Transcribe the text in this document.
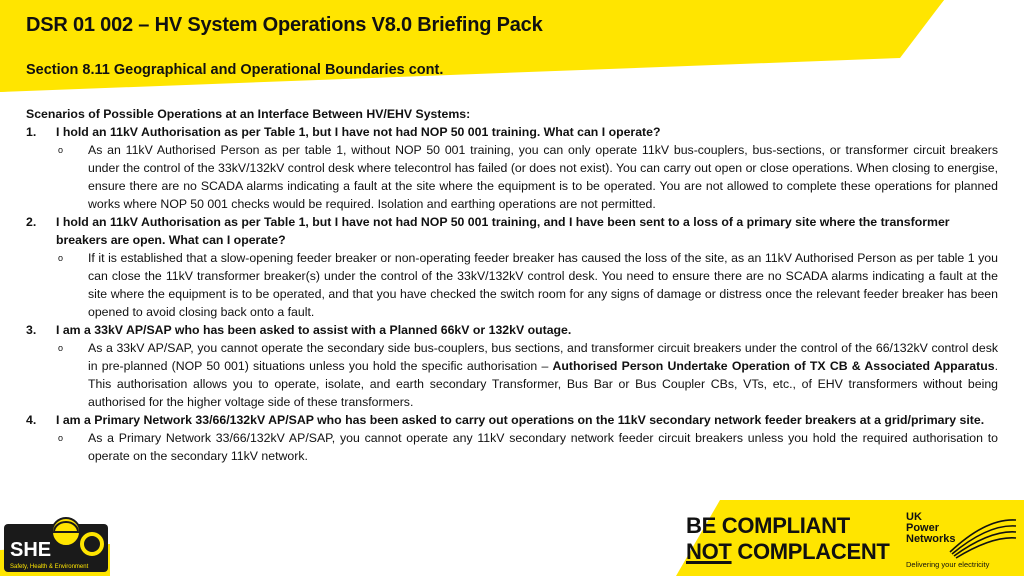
DSR 01 002 – HV System Operations V8.0 Briefing Pack
Section 8.11 Geographical and Operational Boundaries cont.

Scenarios of Possible Operations at an Interface Between HV/EHV Systems:

1.	I hold an 11kV Authorisation as per Table 1, but I have not had NOP 50 001 training. What can I operate?
o	As an 11kV Authorised Person as per table 1, without NOP 50 001 training, you can only operate 11kV bus-couplers, bus-sections, or transformer circuit breakers under the control of the 33kV/132kV control desk where telecontrol has failed (or does not exist). You can carry out open or close operations. When closing to energise, ensure there are no SCADA alarms indicating a fault at the site where the equipment is to be operated. You are not allowed to complete these operations for planned works where NOP 50 001 checks would be required. Isolation and earthing operations are not permitted.
2.	I hold an 11kV Authorisation as per Table 1, but I have not had NOP 50 001 training, and I have been sent to a loss of a primary site where the transformer breakers are open. What can I operate?
o	If it is established that a slow-opening feeder breaker or non-operating feeder breaker has caused the loss of the site, as an 11kV Authorised Person as per table 1 you can close the 11kV transformer breaker(s) under the control of the 33kV/132kV control desk. You need to ensure there are no SCADA alarms indicating a fault at the site where the equipment is to be operated, and that you have checked the switch room for any signs of damage or distress once the relevant feeder breaker has been opened to avoid closing back onto a fault.
3.	I am a 33kV AP/SAP who has been asked to assist with a Planned 66kV or 132kV outage.
o	As a 33kV AP/SAP, you cannot operate the secondary side bus-couplers, bus sections, and transformer circuit breakers under the control of the 66/132kV control desk in pre-planned (NOP 50 001) situations unless you hold the specific authorisation – Authorised Person Undertake Operation of TX CB & Associated Apparatus. This authorisation allows you to operate, isolate, and earth secondary Transformer, Bus Bar or Bus Coupler CBs, VTs, etc., of EHV transformers without being authorised for the higher voltage side of these transformers.
4.	I am a Primary Network 33/66/132kV AP/SAP who has been asked to carry out operations on the 11kV secondary network feeder breakers at a grid/primary site.
o	As a Primary Network 33/66/132kV AP/SAP, you cannot operate any 11kV secondary network feeder circuit breakers unless you hold the required authorisation to operate on the secondary 11kV network.
SHE
Safety, Health & Environment
BE COMPLIANT
NOT COMPLACENT
UK
Power
Networks
Delivering your electricity
